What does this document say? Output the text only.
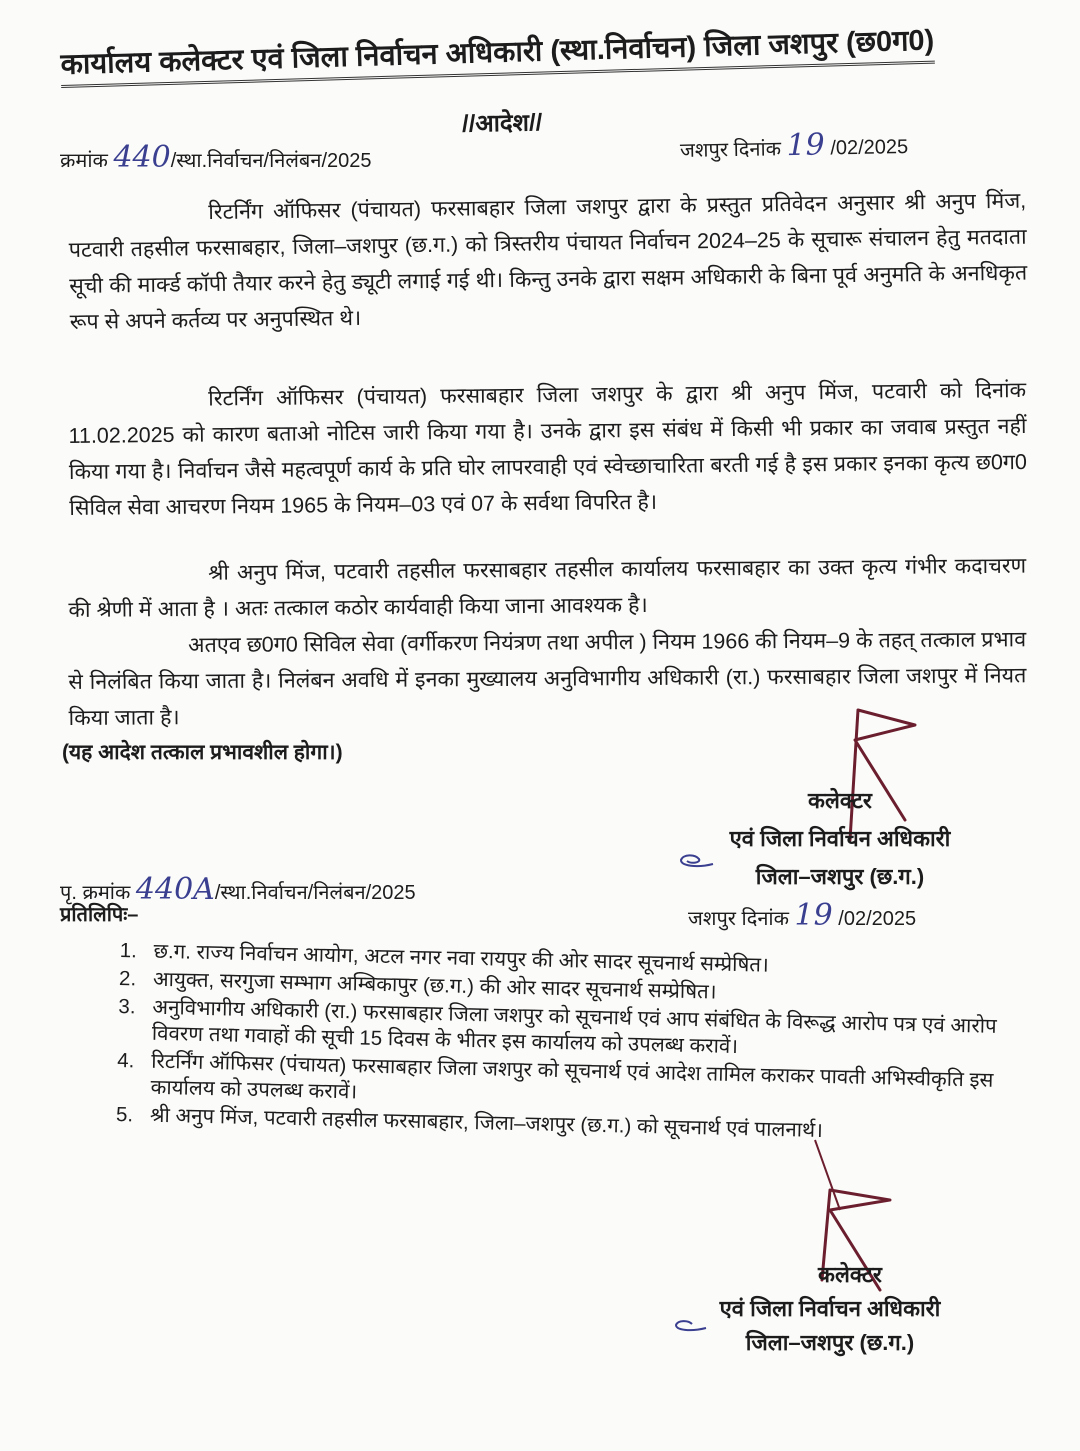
कार्यालय कलेक्टर एवं जिला निर्वाचन अधिकारी (स्था.निर्वाचन) जिला जशपुर (छ0ग0)
//आदेश//
क्रमांक 440/स्था.निर्वाचन/निलंबन/2025	जशपुर दिनांक 19 /02/2025
रिटर्निंग ऑफिसर (पंचायत) फरसाबहार जिला जशपुर द्वारा के प्रस्तुत प्रतिवेदन अनुसार श्री अनुप मिंज, पटवारी तहसील फरसाबहार, जिला–जशपुर (छ.ग.) को त्रिस्तरीय पंचायत निर्वाचन 2024–25 के सूचारू संचालन हेतु मतदाता सूची की मार्क्ड कॉपी तैयार करने हेतु ड्यूटी लगाई गई थी। किन्तु उनके द्वारा सक्षम अधिकारी के बिना पूर्व अनुमति के अनधिकृत रूप से अपने कर्तव्य पर अनुपस्थित थे।
रिटर्निंग ऑफिसर (पंचायत) फरसाबहार जिला जशपुर के द्वारा श्री अनुप मिंज, पटवारी को दिनांक 11.02.2025 को कारण बताओ नोटिस जारी किया गया है। उनके द्वारा इस संबंध में किसी भी प्रकार का जवाब प्रस्तुत नहीं किया गया है। निर्वाचन जैसे महत्वपूर्ण कार्य के प्रति घोर लापरवाही एवं स्वेच्छाचारिता बरती गई है इस प्रकार इनका कृत्य छ0ग0 सिविल सेवा आचरण नियम 1965 के नियम–03 एवं 07 के सर्वथा विपरित है।
श्री अनुप मिंज, पटवारी तहसील फरसाबहार तहसील कार्यालय फरसाबहार का उक्त कृत्य गंभीर कदाचरण की श्रेणी में आता है । अतः तत्काल कठोर कार्यवाही किया जाना आवश्यक है।
अतएव छ0ग0 सिविल सेवा (वर्गीकरण नियंत्रण तथा अपील ) नियम 1966 की नियम–9 के तहत् तत्काल प्रभाव से निलंबित किया जाता है। निलंबन अवधि में इनका मुख्यालय अनुविभागीय अधिकारी (रा.) फरसाबहार जिला जशपुर में नियत किया जाता है।
(यह आदेश तत्काल प्रभावशील होगा।)
कलेक्टर
एवं जिला निर्वाचन अधिकारी
जिला–जशपुर (छ.ग.)
जशपुर दिनांक 19 /02/2025
पृ. क्रमांक 440A/स्था.निर्वाचन/निलंबन/2025
प्रतिलिपिः–
1. छ.ग. राज्य निर्वाचन आयोग, अटल नगर नवा रायपुर की ओर सादर सूचनार्थ सम्प्रेषित।
2. आयुक्त, सरगुजा सम्भाग अम्बिकापुर (छ.ग.) की ओर सादर सूचनार्थ सम्प्रेषित।
3. अनुविभागीय अधिकारी (रा.) फरसाबहार जिला जशपुर को सूचनार्थ एवं आप संबंधित के विरूद्ध आरोप पत्र एवं आरोप विवरण तथा गवाहों की सूची 15 दिवस के भीतर इस कार्यालय को उपलब्ध करावें।
4. रिटर्निंग ऑफिसर (पंचायत) फरसाबहार जिला जशपुर को सूचनार्थ एवं आदेश तामिल कराकर पावती अभिस्वीकृति इस कार्यालय को उपलब्ध करावें।
5. श्री अनुप मिंज, पटवारी तहसील फरसाबहार, जिला–जशपुर (छ.ग.) को सूचनार्थ एवं पालनार्थ।
कलेक्टर
एवं जिला निर्वाचन अधिकारी
जिला–जशपुर (छ.ग.)
